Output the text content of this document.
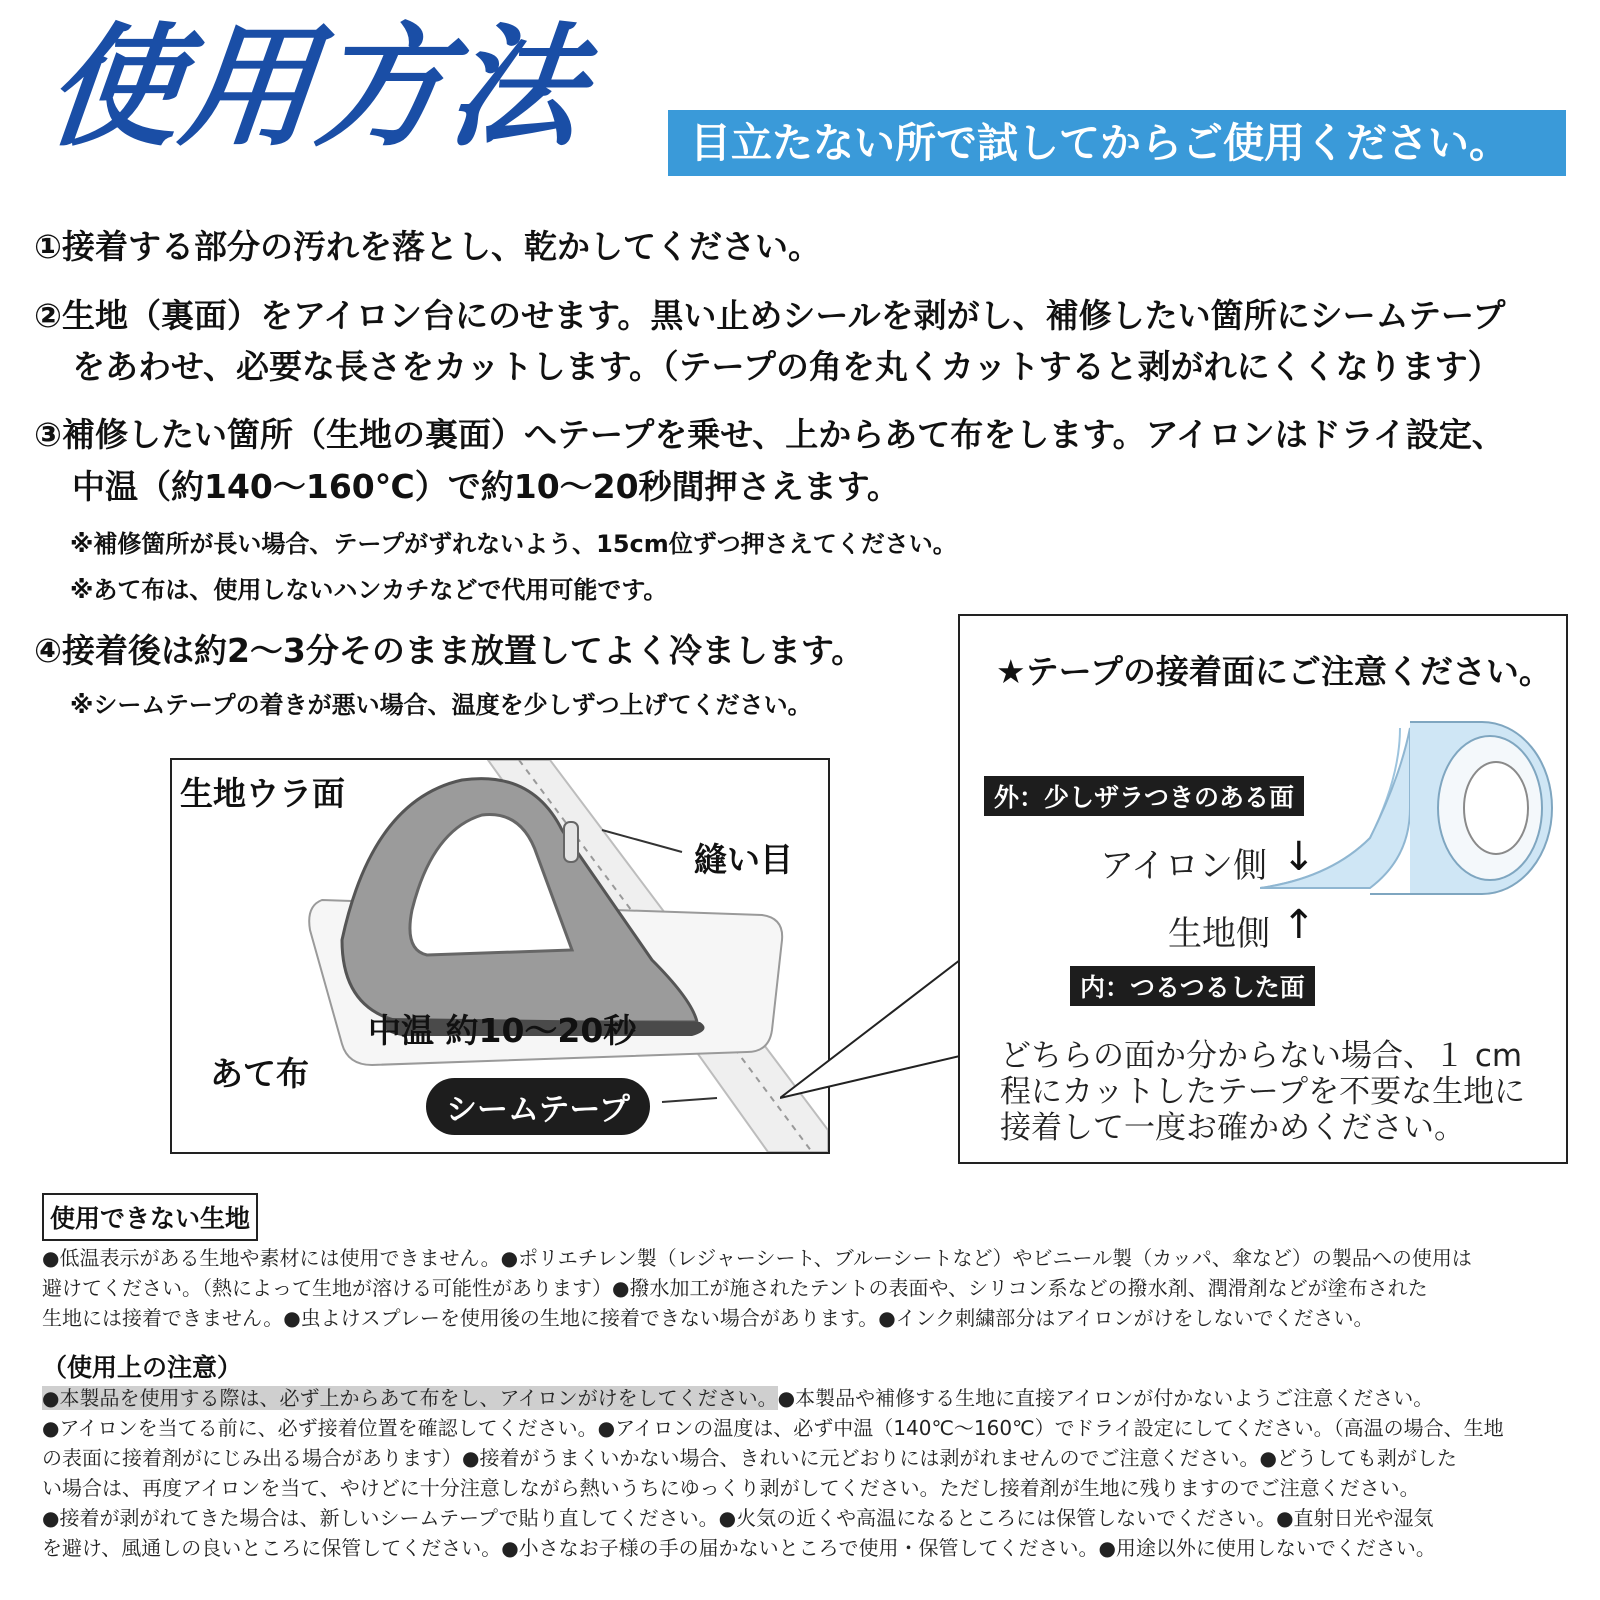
使用方法	目立たない所で試してからご使用ください。
①接着する部分の汚れを落とし、乾かしてください。
②生地（裏面）をアイロン台にのせます。黒い止めシールを剥がし、補修したい箇所にシームテープ
をあわせ、必要な長さをカットします。（テープの角を丸くカットすると剥がれにくくなります）
③補修したい箇所（生地の裏面）へテープを乗せ、上からあて布をします。アイロンはドライ設定、
中温（約140〜160℃）で約10〜20秒間押さえます。
※補修箇所が長い場合、テープがずれないよう、15cm位ずつ押さえてください。
※あて布は、使用しないハンカチなどで代用可能です。
④接着後は約2〜3分そのまま放置してよく冷まします。
※シームテープの着きが悪い場合、温度を少しずつ上げてください。
生地ウラ面
縫い目
中温 約10〜20秒
あて布
シームテープ
★テープの接着面にご注意ください。
外：少しザラつきのある面
アイロン側 ↓
生地側 ↑
内：つるつるした面
どちらの面か分からない場合、１ cm
程にカットしたテープを不要な生地に
接着して一度お確かめください。
使用できない生地
●低温表示がある生地や素材には使用できません。●ポリエチレン製（レジャーシート、ブルーシートなど）やビニール製（カッパ、傘など）の製品への使用は
避けてください。（熱によって生地が溶ける可能性があります）●撥水加工が施されたテントの表面や、シリコン系などの撥水剤、潤滑剤などが塗布された
生地には接着できません。●虫よけスプレーを使用後の生地に接着できない場合があります。●インク刺繍部分はアイロンがけをしないでください。
（使用上の注意）
●本製品を使用する際は、必ず上からあて布をし、アイロンがけをしてください。●本製品や補修する生地に直接アイロンが付かないようご注意ください。
●アイロンを当てる前に、必ず接着位置を確認してください。●アイロンの温度は、必ず中温（140℃〜160℃）でドライ設定にしてください。（高温の場合、生地
の表面に接着剤がにじみ出る場合があります）●接着がうまくいかない場合、きれいに元どおりには剥がれませんのでご注意ください。●どうしても剥がした
い場合は、再度アイロンを当て、やけどに十分注意しながら熱いうちにゆっくり剥がしてください。ただし接着剤が生地に残りますのでご注意ください。
●接着が剥がれてきた場合は、新しいシームテープで貼り直してください。●火気の近くや高温になるところには保管しないでください。●直射日光や湿気
を避け、風通しの良いところに保管してください。●小さなお子様の手の届かないところで使用・保管してください。●用途以外に使用しないでください。
